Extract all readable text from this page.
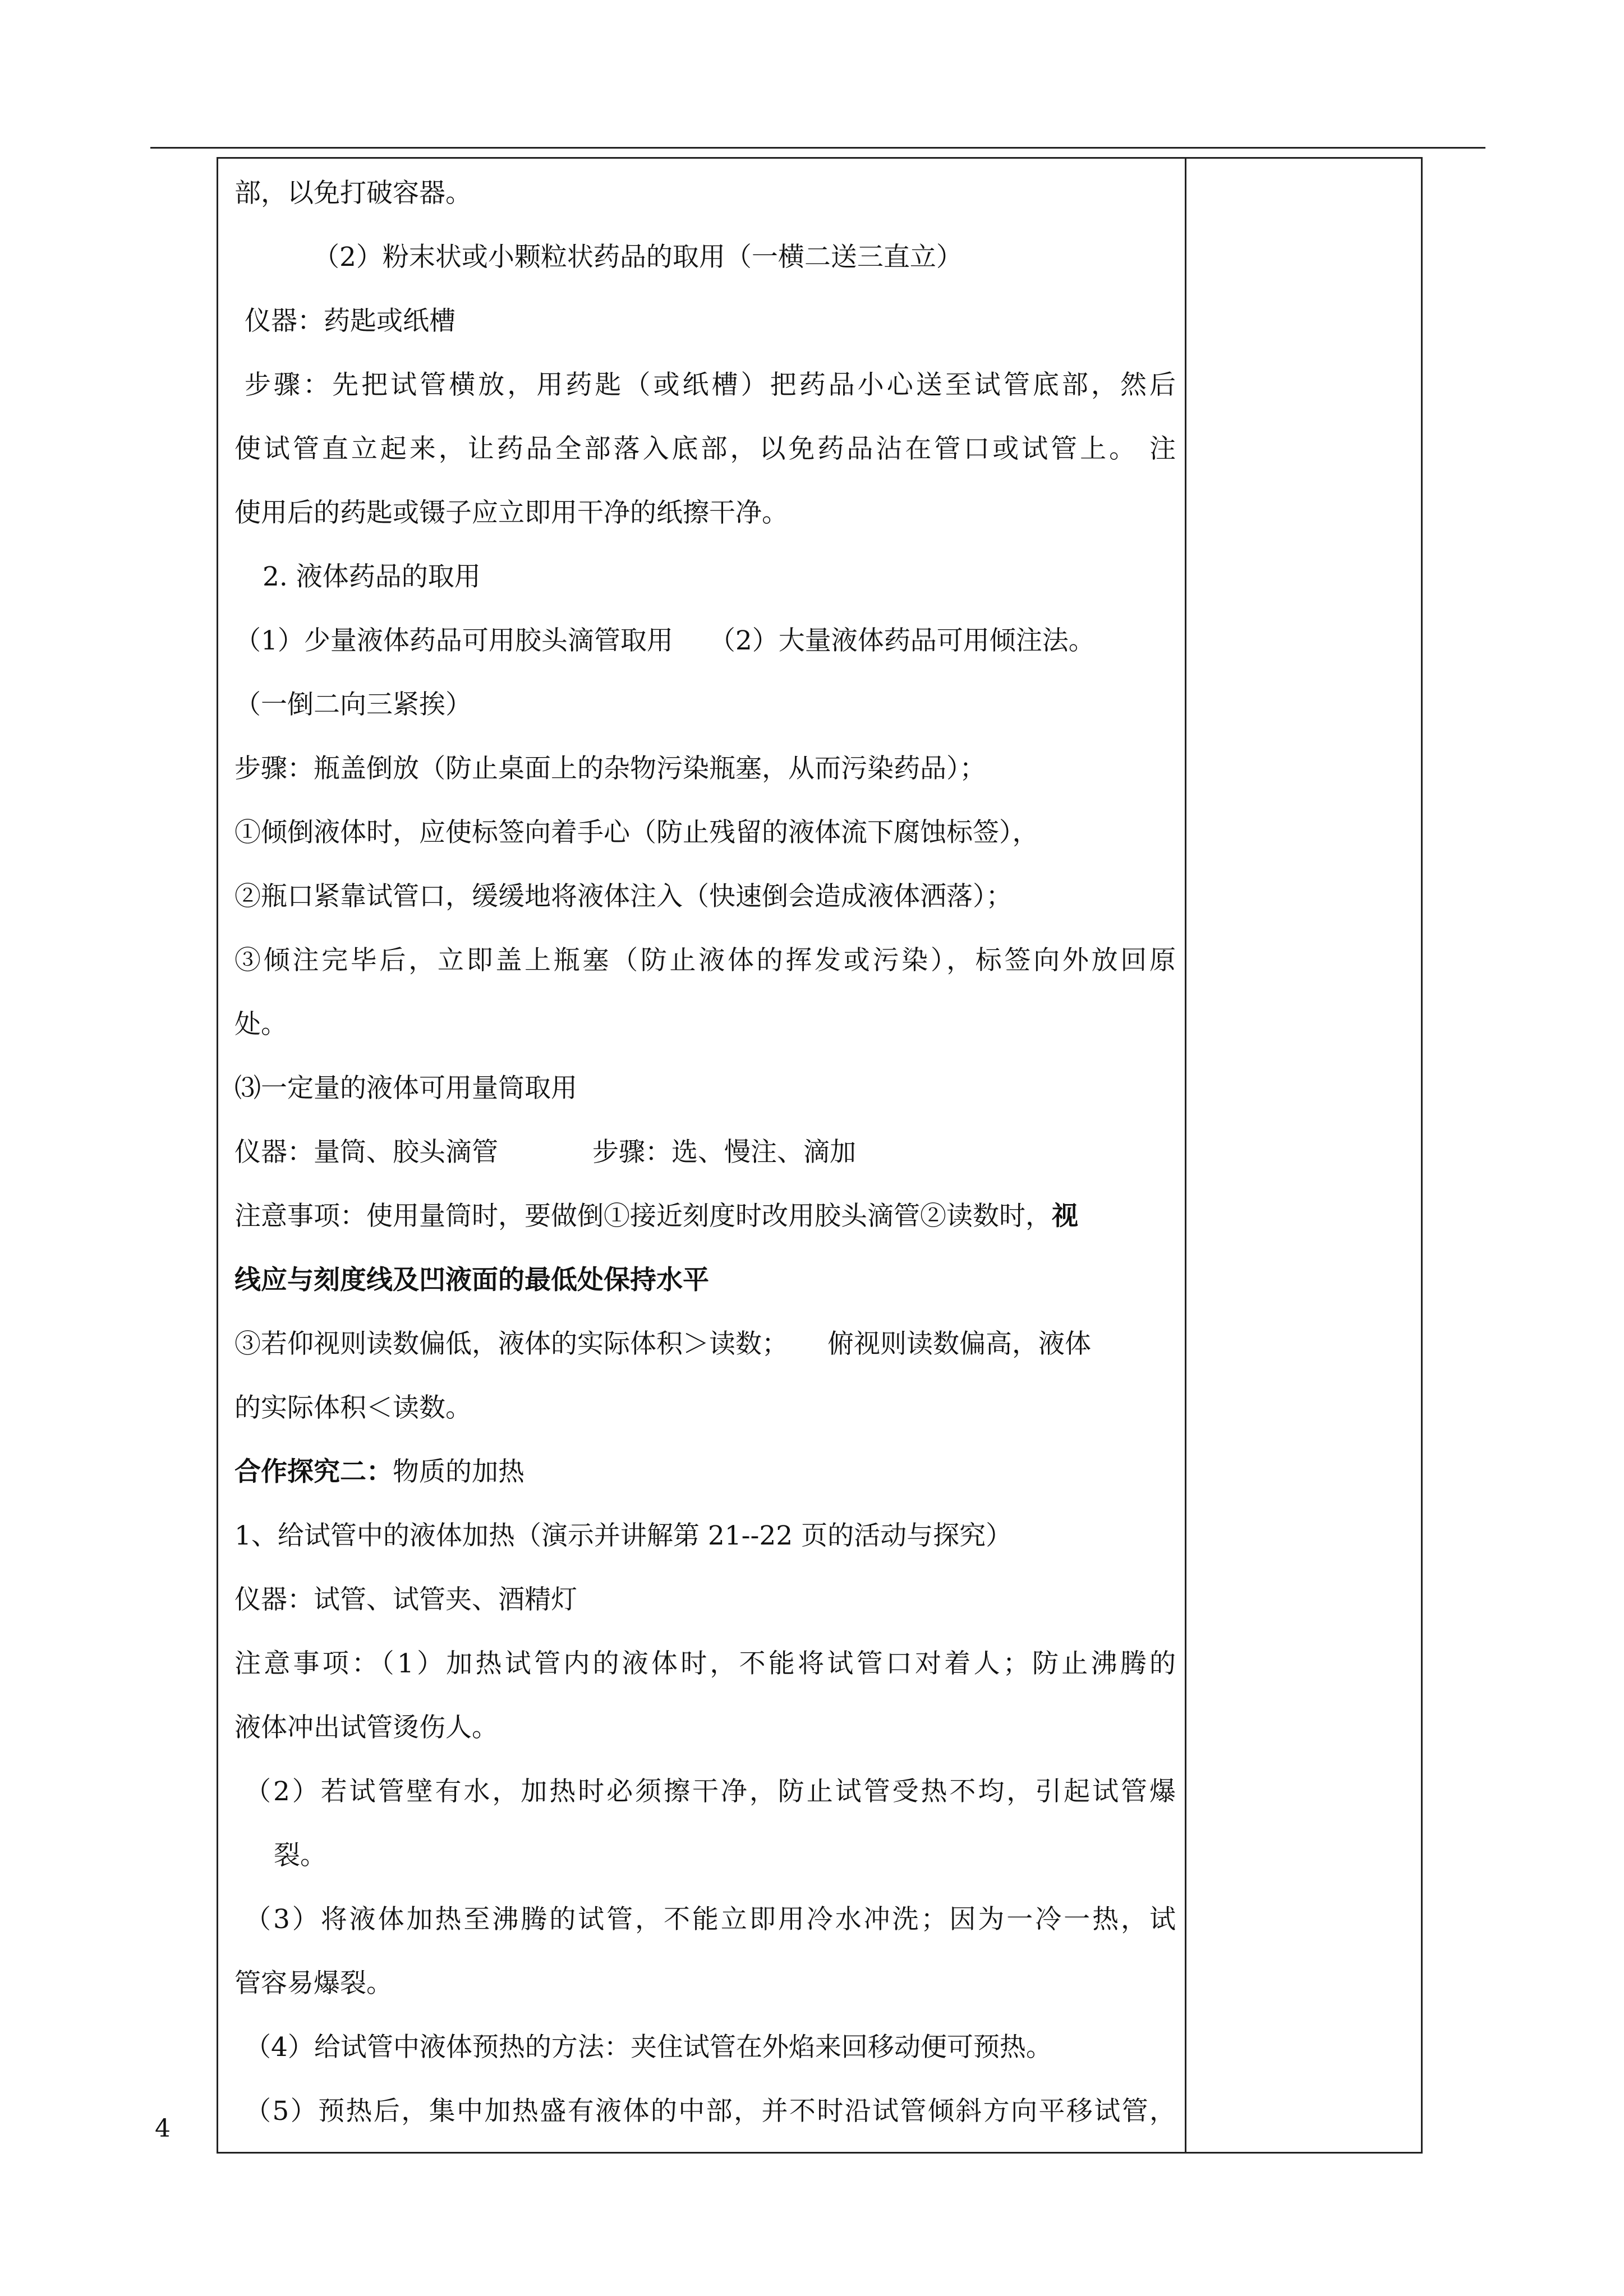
部，以免打破容器。
（2）粉末状或小颗粒状药品的取用（一横二送三直立）
仪器：药匙或纸槽
步骤：先把试管横放，用药匙（或纸槽）把药品小心送至试管底部，然后
使试管直立起来，让药品全部落入底部，以免药品沾在管口或试管上。 注
使用后的药匙或镊子应立即用干净的纸擦干净。
2. 液体药品的取用
（1）少量液体药品可用胶头滴管取用 （2）大量液体药品可用倾注法。
（一倒二向三紧挨）
步骤：瓶盖倒放（防止桌面上的杂物污染瓶塞，从而污染药品）；
①倾倒液体时，应使标签向着手心（防止残留的液体流下腐蚀标签），
②瓶口紧靠试管口，缓缓地将液体注入（快速倒会造成液体洒落）；
③倾注完毕后，立即盖上瓶塞（防止液体的挥发或污染），标签向外放回原
处。
⑶一定量的液体可用量筒取用
仪器：量筒、胶头滴管	步骤：选、慢注、滴加
注意事项：使用量筒时，要做倒①接近刻度时改用胶头滴管②读数时，视
线应与刻度线及凹液面的最低处保持水平
③若仰视则读数偏低，液体的实际体积＞读数； 俯视则读数偏高，液体
的实际体积＜读数。
合作探究二：物质的加热
1、给试管中的液体加热（演示并讲解第 21--22 页的活动与探究）
仪器：试管、试管夹、酒精灯
注意事项：（1）加热试管内的液体时，不能将试管口对着人；防止沸腾的
液体冲出试管烫伤人。
（2）若试管壁有水，加热时必须擦干净，防止试管受热不均，引起试管爆
裂。
（3）将液体加热至沸腾的试管，不能立即用冷水冲洗；因为一冷一热，试
管容易爆裂。
（4）给试管中液体预热的方法：夹住试管在外焰来回移动便可预热。
（5）预热后，集中加热盛有液体的中部，并不时沿试管倾斜方向平移试管，
4
